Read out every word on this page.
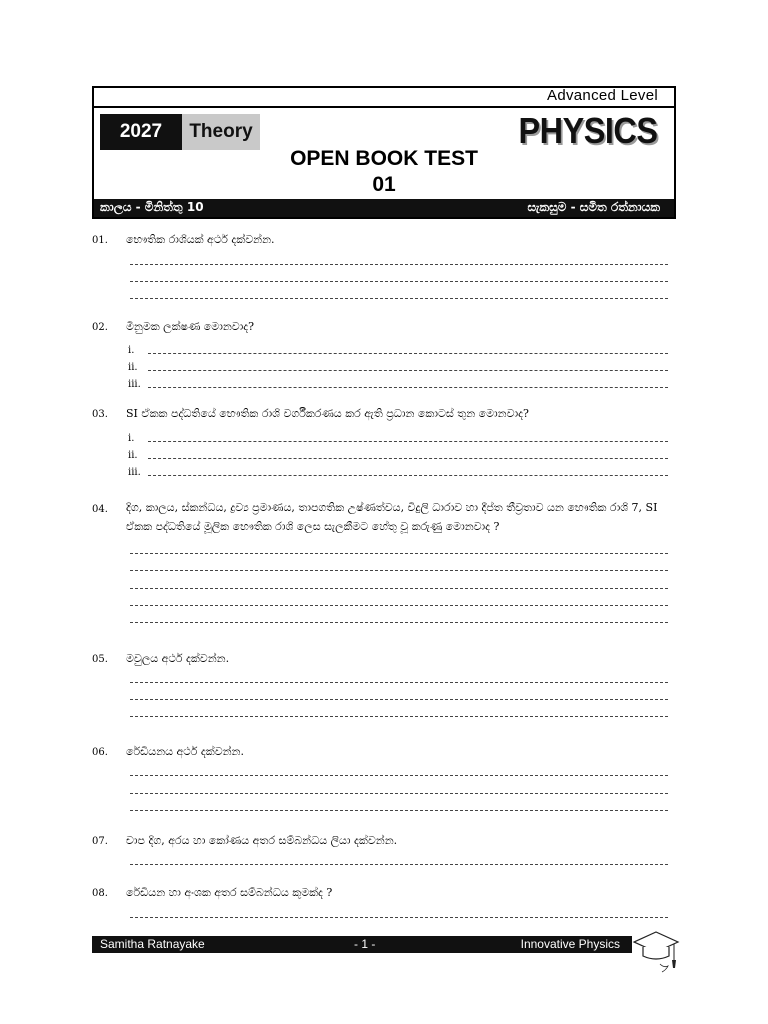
Advanced Level
2027	Theory	PHYSICS
OPEN BOOK TEST
01
කාලය - මිනිත්තු 10	සැකසුම - සමිත රත්නායක
01. භෞතික රාශියක් අර්ථ දක්වන්න.
02. මිනුමක ලක්ෂණ මොනවාද?
i.
ii.
iii.
03. SI ඒකක පද්ධතියේ භෞතික රාශි වර්ගීකරණය කර ඇති ප්‍රධාන කොටස් තුන මොනවාද?
i.
ii.
iii.
04. දිග, කාලය, ස්කන්ධය, ද්‍රව්‍ය ප්‍රමාණය, තාපගතික උෂ්ණත්වය, විදුලි ධාරාව හා දීප්ත තීව්‍රතාව යන භෞතික රාශි 7, SI ඒකක පද්ධතියේ මූලික භෞතික රාශි ලෙස සැලකීමට හේතු වූ කරුණු මොනවාද ?
05. මවුලය අර්ථ දක්වන්න.
06. රේඩියනය අර්ථ දක්වන්න.
07. චාප දිග, අරය හා කෝණය අතර සම්බන්ධය ලියා දක්වන්න.
08. රේඩියන හා අංශක අතර සම්බන්ධය කුමක්ද ?
Samitha Ratnayake	- 1 -	Innovative Physics
